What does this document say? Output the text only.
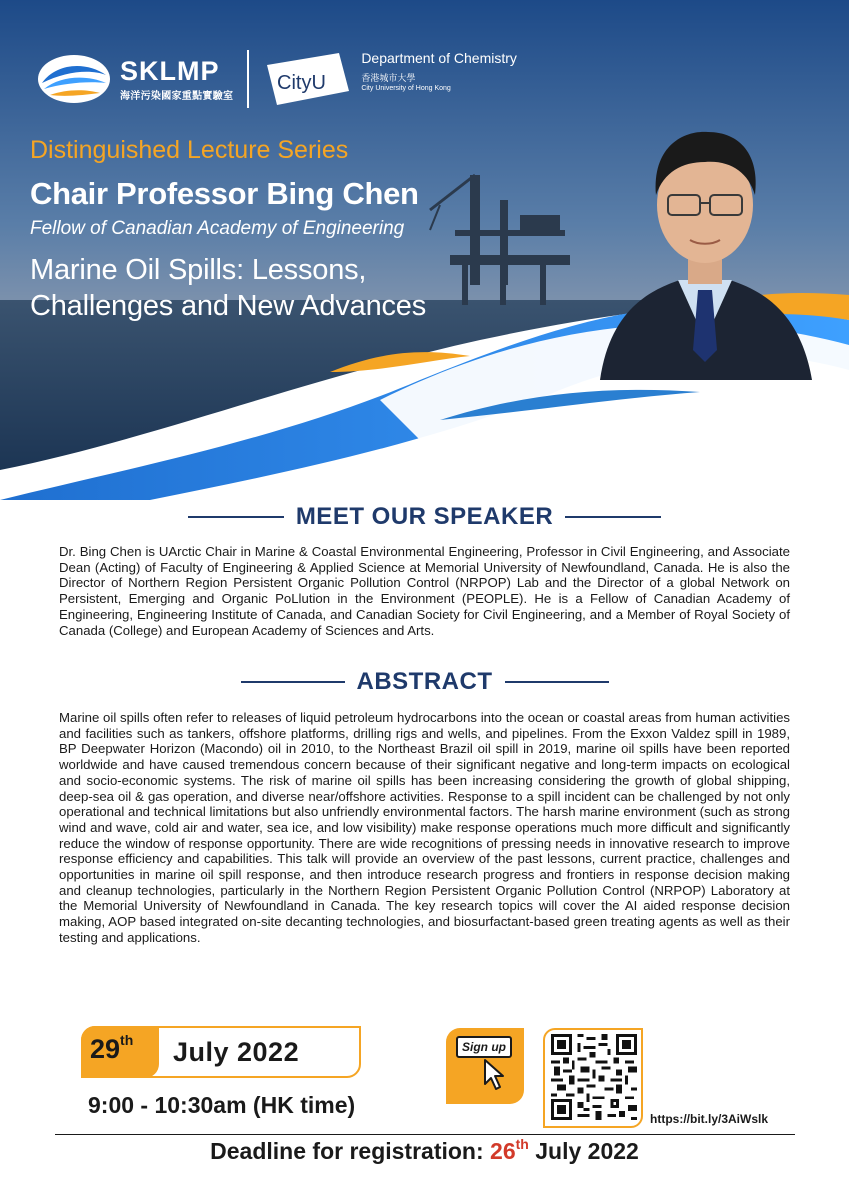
SKLMP
海洋污染國家重點實驗室
CityU
Department of Chemistry
香港城市大學
City University of Hong Kong
Distinguished Lecture Series
Chair Professor Bing Chen
Fellow of Canadian Academy of Engineering
Marine Oil Spills: Lessons,
Challenges and New Advances
MEET OUR SPEAKER
Dr. Bing Chen is UArctic Chair in Marine & Coastal Environmental Engineering, Professor in Civil Engineering, and Associate Dean (Acting) of Faculty of Engineering & Applied Science at Memorial University of Newfoundland, Canada. He is also the Director of Northern Region Persistent Organic Pollution Control (NRPOP) Lab and the Director of a global Network on Persistent, Emerging and Organic PoLlution in the Environment (PEOPLE). He is a Fellow of Canadian Academy of Engineering, Engineering Institute of Canada, and Canadian Society for Civil Engineering, and a Member of Royal Society of Canada (College) and European Academy of Sciences and Arts.
ABSTRACT
Marine oil spills often refer to releases of liquid petroleum hydrocarbons into the ocean or coastal areas from human activities and facilities such as tankers, offshore platforms, drilling rigs and wells, and pipelines. From the Exxon Valdez spill in 1989, BP Deepwater Horizon (Macondo) oil in 2010, to the Northeast Brazil oil spill in 2019, marine oil spills have been reported worldwide and have caused tremendous concern because of their significant negative and long-term impacts on ecological and socio-economic systems. The risk of marine oil spills has been increasing considering the growth of global shipping, deep-sea oil & gas operation, and diverse near/offshore activities. Response to a spill incident can be challenged by not only operational and technical limitations but also unfriendly environmental factors. The harsh marine environment (such as strong wind and wave, cold air and water, sea ice, and low visibility) make response operations much more difficult and significantly reduce the window of response opportunity. There are wide recognitions of pressing needs in innovative research to improve response efficiency and capabilities. This talk will provide an overview of the past lessons, current practice, challenges and opportunities in marine oil spill response, and then introduce research progress and frontiers in response decision making and cleanup technologies, particularly in the Northern Region Persistent Organic Pollution Control (NRPOP) Laboratory at the Memorial University of Newfoundland in Canada. The key research topics will cover the AI aided response decision making, AOP based integrated on-site decanting technologies, and biosurfactant-based green treating agents as well as their testing and applications.
29th July 2022
9:00 - 10:30am (HK time)
Sign up
https://bit.ly/3AiWslk
Deadline for registration: 26th July 2022
